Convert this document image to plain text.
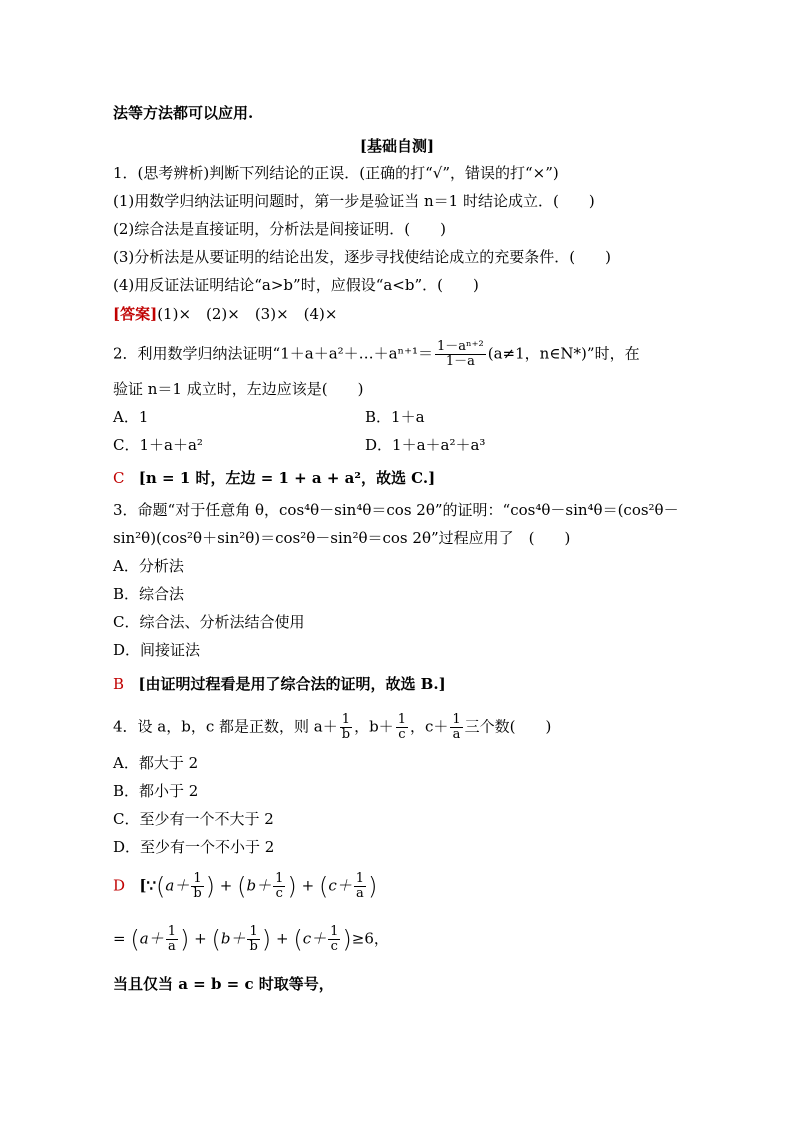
法等方法都可以应用.
[基础自测]
1．(思考辨析)判断下列结论的正误．(正确的打“√”，错误的打“×”)
(1)用数学归纳法证明问题时，第一步是验证当 n＝1 时结论成立．(　　)
(2)综合法是直接证明，分析法是间接证明．(　　)
(3)分析法是从要证明的结论出发，逐步寻找使结论成立的充要条件．(　　)
(4)用反证法证明结论“a>b”时，应假设“a<b”．(　　)
[答案](1)×　(2)×　(3)×　(4)×
2．利用数学归纳法证明“1＋a＋a²＋…＋aⁿ⁺¹＝ $\frac{\text{1－aⁿ⁺²}}{1-a} (a\ne 1$，n∈N*)”时，在
验证 n＝1 成立时，左边应该是(　　)
A．1	B．1＋a
C．1＋a＋a²	D．1＋a＋a²＋a³
C [n = 1 时，左边 = 1 + a + a²，故选 C.]
3．命题“对于任意角 θ，cos⁴θ－sin⁴θ＝cos 2θ”的证明：“cos⁴θ－sin⁴θ＝(cos²θ－
sin²θ)(cos²θ＋sin²θ)＝cos²θ－sin²θ＝cos 2θ”过程应用了　(　　)
A．分析法
B．综合法
C．综合法、分析法结合使用
D．间接证法
B [由证明过程看是用了综合法的证明，故选 B.]
4．设 a，b，c 都是正数，则 $a+ \frac{1}{b}$ ，$b+ \frac{1}{c}$ ，$c+ \frac{1}{a}$ 三个数(　　)
A．都大于 2
B．都小于 2
C．至少有一个不大于 2
D．至少有一个不小于 2
D [∵(a＋ $\frac{1}{b}$ ) + ($b+ \frac{1}{c}$ ) + ($c+ \frac{1}{a}$ )
= ($a+ \frac{1}{a}$ ) + ($b+ \frac{1}{b}$ ) + $(c+ \frac{1}{c} )\ge 6$，
当且仅当 a = b = c 时取等号，
